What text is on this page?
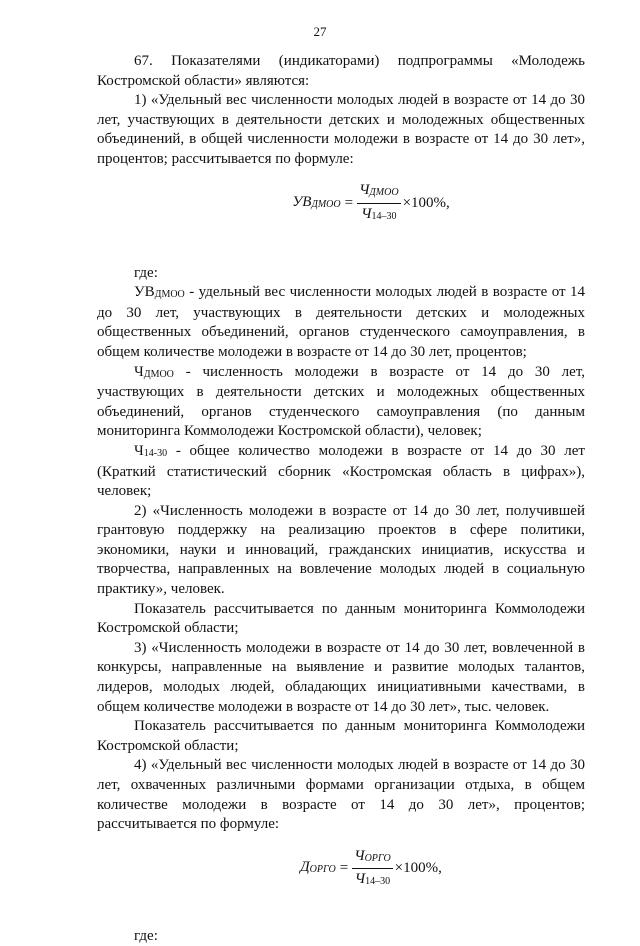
27

67. Показателями (индикаторами) подпрограммы «Молодежь Костромской области» являются:

1) «Удельный вес численности молодых людей в возрасте от 14 до 30 лет, участвующих в деятельности детских и молодежных общественных объединений, в общей численности молодежи в возрасте от 14 до 30 лет», процентов; рассчитывается по формуле:

УВДМОО = $\frac{\text{ЧДМОО}}{Ч14-30} \times 100\%$,

где:

УВДМОО - удельный вес численности молодых людей в возрасте от 14 до 30 лет, участвующих в деятельности детских и молодежных общественных объединений, органов студенческого самоуправления, в общем количестве молодежи в возрасте от 14 до 30 лет, процентов;

ЧДМОО - численность молодежи в возрасте от 14 до 30 лет, участвующих в деятельности детских и молодежных общественных объединений, органов студенческого самоуправления (по данным мониторинга Коммолодежи Костромской области), человек;

Ч14-30 - общее количество молодежи в возрасте от 14 до 30 лет (Краткий статистический сборник «Костромская область в цифрах»), человек;

2) «Численность молодежи в возрасте от 14 до 30 лет, получившей грантовую поддержку на реализацию проектов в сфере политики, экономики, науки и инноваций, гражданских инициатив, искусства и творчества, направленных на вовлечение молодых людей в социальную практику», человек.

Показатель рассчитывается по данным мониторинга Коммолодежи Костромской области;

3) «Численность молодежи в возрасте от 14 до 30 лет, вовлеченной в конкурсы, направленные на выявление и развитие молодых талантов, лидеров, молодых людей, обладающих инициативными качествами, в общем количестве молодежи в возрасте от 14 до 30 лет», тыс. человек.

Показатель рассчитывается по данным мониторинга Коммолодежи Костромской области;

4) «Удельный вес численности молодых людей в возрасте от 14 до 30 лет, охваченных различными формами организации отдыха, в общем количестве молодежи в возрасте от 14 до 30 лет», процентов; рассчитывается по формуле:

ДОРГО = $\frac{\text{ЧОРГО}}{Ч14-30} \times 100\%$,

где:
